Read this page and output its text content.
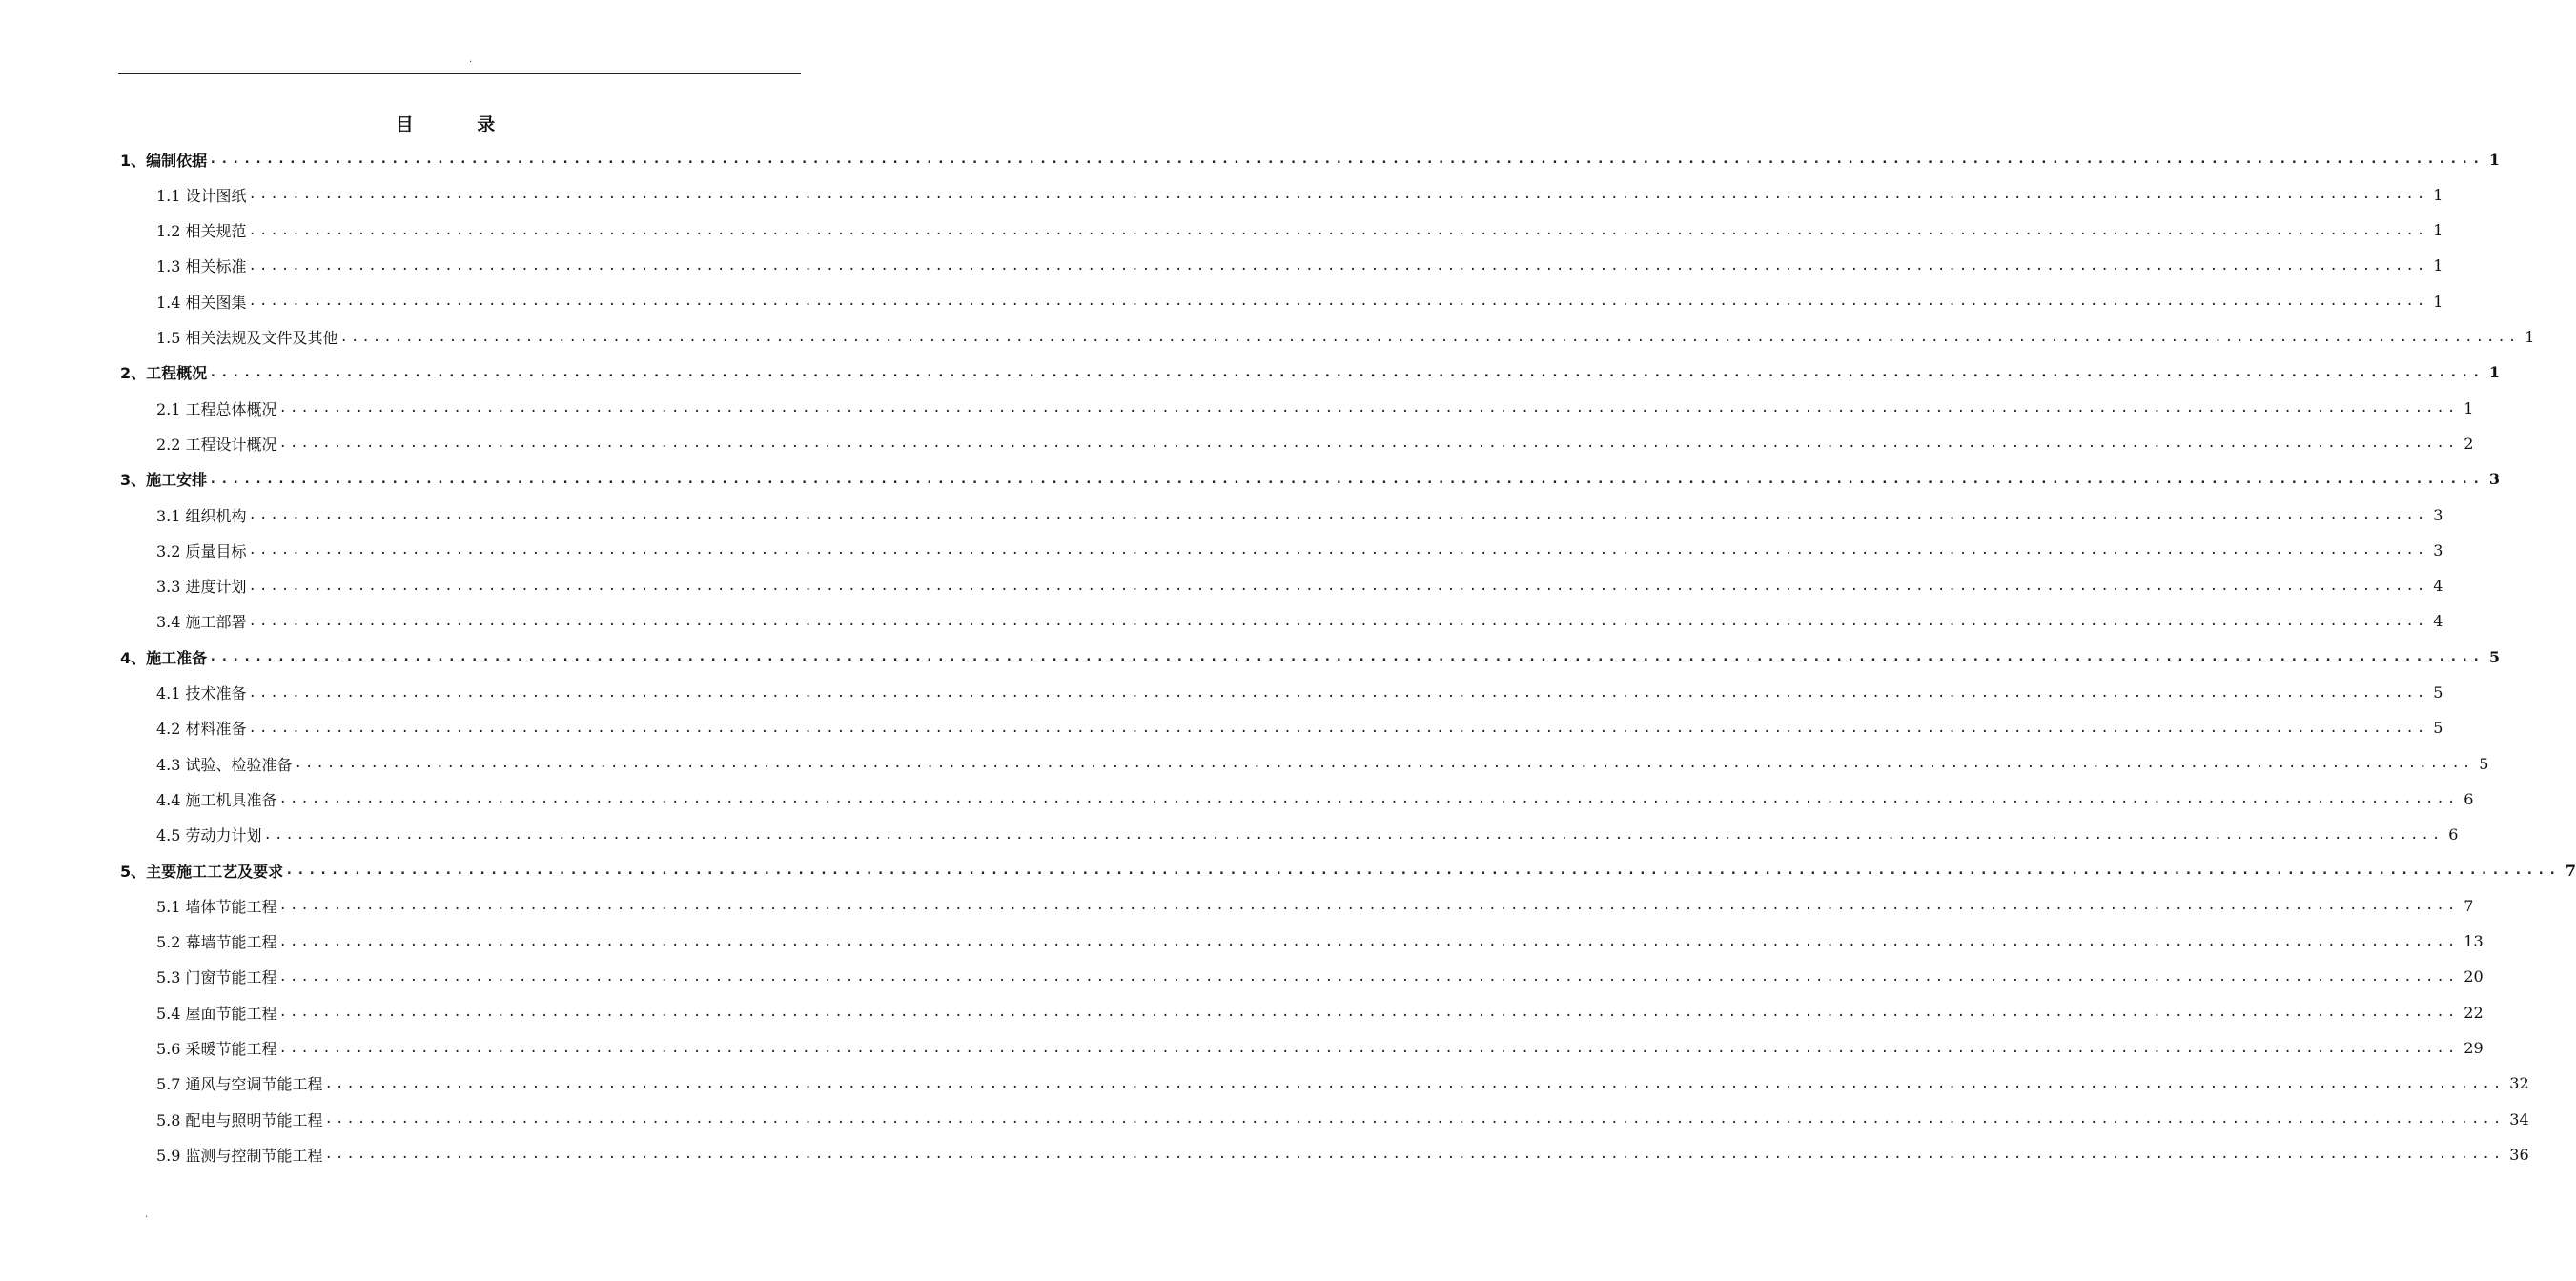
.
目 录
1、编制依据 ........................................................................................................................................................................................................ 1
1.1 设计图纸 ........................................................................................................................................................................................................ 1
1.2 相关规范 ........................................................................................................................................................................................................ 1
1.3 相关标准 ........................................................................................................................................................................................................ 1
1.4 相关图集 ........................................................................................................................................................................................................ 1
1.5 相关法规及文件及其他 ........................................................................................................................................................................................................ 1
2、工程概况 ........................................................................................................................................................................................................ 1
2.1 工程总体概况 ........................................................................................................................................................................................................ 1
2.2 工程设计概况 ........................................................................................................................................................................................................ 2
3、施工安排 ........................................................................................................................................................................................................ 3
3.1 组织机构 ........................................................................................................................................................................................................ 3
3.2 质量目标 ........................................................................................................................................................................................................ 3
3.3 进度计划 ........................................................................................................................................................................................................ 4
3.4 施工部署 ........................................................................................................................................................................................................ 4
4、施工准备 ........................................................................................................................................................................................................ 5
4.1 技术准备 ........................................................................................................................................................................................................ 5
4.2 材料准备 ........................................................................................................................................................................................................ 5
4.3 试验、检验准备 ........................................................................................................................................................................................................ 5
4.4 施工机具准备 ........................................................................................................................................................................................................ 6
4.5 劳动力计划 ........................................................................................................................................................................................................ 6
5、主要施工工艺及要求 ........................................................................................................................................................................................................ 7
5.1 墙体节能工程 ........................................................................................................................................................................................................ 7
5.2 幕墙节能工程 ........................................................................................................................................................................................................ 13
5.3 门窗节能工程 ........................................................................................................................................................................................................ 20
5.4 屋面节能工程 ........................................................................................................................................................................................................ 22
5.6 采暖节能工程 ........................................................................................................................................................................................................ 29
5.7 通风与空调节能工程 ........................................................................................................................................................................................................ 32
5.8 配电与照明节能工程 ........................................................................................................................................................................................................ 34
5.9 监测与控制节能工程 ........................................................................................................................................................................................................ 36
.
